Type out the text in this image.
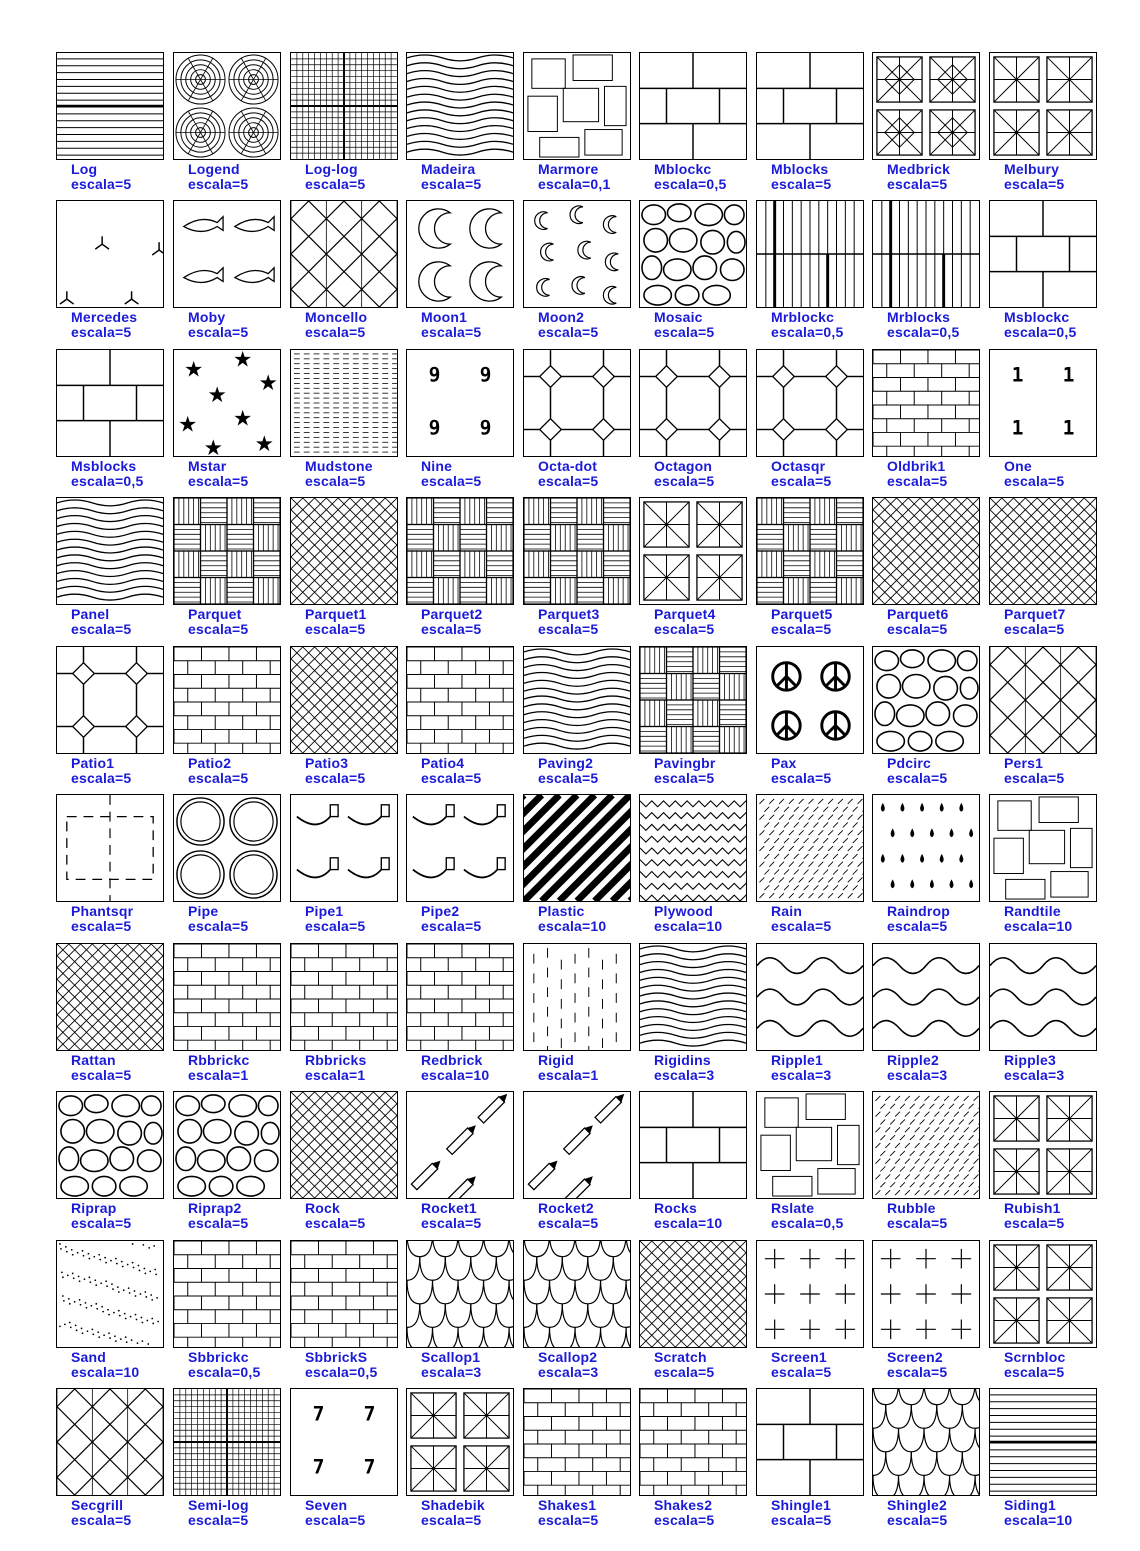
Log
escala=5
Logend
escala=5
Log-log
escala=5
Madeira
escala=5
Marmore
escala=0,1
Mblockc
escala=0,5
Mblocks
escala=5
Medbrick
escala=5
Melbury
escala=5
Mercedes
escala=5
Moby
escala=5
Moncello
escala=5
Moon1
escala=5
Moon2
escala=5
Mosaic
escala=5
Mrblockc
escala=0,5
Mrblocks
escala=0,5
Msblockc
escala=0,5
Msblocks
escala=0,5
★ ★
★
★
★ ★
★
★
Mstar
escala=5
Mudstone
escala=5
9 9
9 9
Nine
escala=5
Octa-dot
escala=5
Octagon
escala=5
Octasqr
escala=5
Oldbrik1
escala=5
1 1
1 1
One
escala=5
Panel
escala=5
Parquet
escala=5
Parquet1
escala=5
Parquet2
escala=5
Parquet3
escala=5
Parquet4
escala=5
Parquet5
escala=5
Parquet6
escala=5
Parquet7
escala=5
Patio1
escala=5
Patio2
escala=5
Patio3
escala=5
Patio4
escala=5
Paving2
escala=5
Pavingbr
escala=5
Pax
escala=5
Pdcirc
escala=5
Pers1
escala=5
Phantsqr
escala=5
Pipe
escala=5
Pipe1
escala=5
Pipe2
escala=5
Plastic
escala=10
Plywood
escala=10
Rain
escala=5
Raindrop
escala=5
Randtile
escala=10
Rattan
escala=5
Rbbrickc
escala=1
Rbbricks
escala=1
Redbrick
escala=10
Rigid
escala=1
Rigidins
escala=3
Ripple1
escala=3
Ripple2
escala=3
Ripple3
escala=3
Riprap
escala=5
Riprap2
escala=5
Rock
escala=5
Rocket1
escala=5
Rocket2
escala=5
Rocks
escala=10
Rslate
escala=0,5
Rubble
escala=5
Rubish1
escala=5
Sand
escala=10
Sbbrickc
escala=0,5
SbbrickS
escala=0,5
Scallop1
escala=3
Scallop2
escala=3
Scratch
escala=5
Screen1
escala=5
Screen2
escala=5
Scrnbloc
escala=5
Secgrill
escala=5
Semi-log
escala=5
7 7
7 7
Seven
escala=5
Shadebik
escala=5
Shakes1
escala=5
Shakes2
escala=5
Shingle1
escala=5
Shingle2
escala=5
Siding1
escala=10
